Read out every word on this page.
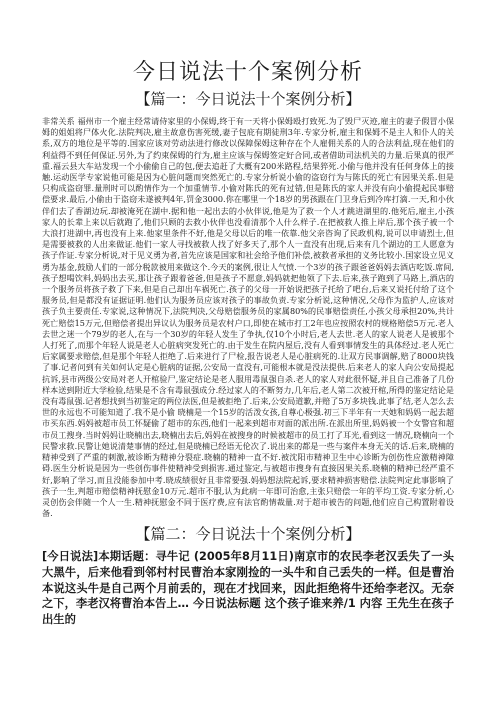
今日说法十个案例分析
【篇一：今日说法十个案例分析】

非常关系 福州市一个雇主经常请侍家里的小保姆,终于有一天将小保姆殴打致死.为了毁尸灭迹,雇主的妻子假冒小保姆的姐姐将尸体火化.法院判决,雇主故意伤害死缓,妻子包庇有期徒刑3年.专家分析,雇主和保姆不是主人和仆人的关系,双方的地位是平等的.国家应该对劳动法进行修改以保障保姆这种存在个人雇佣关系的人的合法利益,现在他们的利益得不到任何保证.另外,为了约束保姆的行为,雇主应该与保姆签定好合同,或者借助司法机关的力量.后果真的很严重.福云县大车站发现一个小偷偷自己的包,便去追赶了大概有200米路程,结果猝死.小偷与他并没有任何身体上的接触.运动医学专家说他可能是因为心脏问题而突然死亡的.专家分析说小偷的盗窃行为与陈氏的死亡有因果关系.但是只构成盗窃罪.量刑时可以酌情作为一个加重情节.小偷对陈氏的死有过错,但是陈氏的家人并没有向小偷提起民事赔偿要求.最后,小偷由于盗窃未遂被判4年,罚金3000.你在哪里一个18岁的男孩跟在门卫身后到冷库打滴.一天,和小伙伴们去了香湖边玩.却被淹死在湖中.据和他一起出去的小伙伴说,他是为了救一个人才跳进湖里的.他死后,雇主,小孩家人的长辈上来以后就跑了,他们只顾的去救小伙伴也没看清那个人什么样子.在把被救人推上岸后,那个孩子被一个大浪打进湖中,再也没有上来.他家里条件不好,他是父母以后的唯一依靠.他父亲咨询了民政机构,说可以申请烈士,但是需要被救的人出来做证.他们一家人寻找被救人找了好多天了,那个人一直没有出现,后来有几个湖边的工人愿意为孩子作证.专家分析说,对于见义勇为者,首先应该是国家和社会给予他们补偿,被救者承担的义务比较小.国家设立见义勇为基金,鼓励人们的一部分税款被用来做这个.今天的案例,很让人气愤.一个3岁的孩子跟爸爸妈妈去酒店吃饭.席间,孩子想喝饮料,妈妈出去买,那让孩子跟着爸爸,但是孩子不愿意,妈妈就把他领了下去.后来,孩子跑到了马路上,酒店的一个服务员将孩子救了下来,但是自己却出车祸死亡.孩子的父母一开始说把孩子托给了吧台,后来又说托付给了这个服务员,但是都没有证据证明.他们认为服务员应该对孩子的事故负责.专家分析说,这种情况,父母作为监护人,应该对孩子负主要责任.专家说,这种情况下,法院判决,父母赔偿服务员的家属80%的民事赔偿责任,小孩父母承担20%,共计死亡赔偿15万元,但赔偿者提出异议认为服务员是农村户口,即使在城市打工2年也应按照农村的规格赔偿5万元.老人去世之迷一个79岁的老人,在与一个30岁的年轻人发生了争执,仅10个小时后,老人去世.老人的家人说老人是被那个人打死了,而那个年轻人说是老人心脏病突发死亡的.由于发生在院内屋后,没有人看到事情发生的具体经过.老人死亡后家属要求赔偿,但是那个年轻人拒绝了.后来进行了尸检,报告说老人是心脏病死的.让双方民事调解,赔了8000块钱了事.记者问到有关如何认定是心脏病的证据,公安局一直没有,可能根本就是没法提供.后来老人的家人向公安局提起抗诉,县市两级公安局对老人开棺验尸,鉴定结论是老人服用毒鼠强自杀.老人的家人对此很怀疑,并且自己准备了几份样本送到附近大学检验,结果是不含有毒鼠强成分.经过家人的不断努力,几年后,老人第二次被开棺,所得的鉴定结论是没有毒鼠强.记者想找到当初鉴定的两位法医,但是被拒绝了.后来,公安局道歉,并赔了5万多块钱.此事了结,老人怎么去世的永远也不可能知道了.我不是小偷 晓楠是一个15岁的活泼女孩,自尊心极强.初三下半年有一天她和妈妈一起去超市买东西.妈妈被超市员工怀疑偷了超市的东西,他们一起来到超市对面的派出所.在派出所里,妈妈被一个女警官和超市员工搜身.当时妈妈让晓楠出去,晓楠出去后,妈妈在被搜身的时候被超市的员工打了耳光,看到这一情况,晓楠向一个民警求救.民警让她说清楚事情的经过,但是晓楠已经语无伦次了.说出来的都是一些与案件本身无关的话.后来,晓楠的精神受到了严重的刺激,被诊断为精神分裂症.晓楠的精神一直不好.被沈阳市精神卫生中心诊断为创伤性应激精神障碍.医生分析说是因为一些创伤事件使精神受到损害.通过鉴定,与被超市搜身有直接因果关系.晓楠的精神已经严重不好,影响了学习,而且没能参加中考.晓成绩很好且非常要强.妈妈想法院起诉,要求精神损害赔偿.法院判定此事影响了孩子一生,判超市赔偿精神抚慰金10万元.超市不服,认为此病一年即可治愈,主张只赔偿一年的平均工资.专家分析,心灵创伤会伴随一个人一生.精神抚慰金不同于医疗费,应有法官酌情裁量.对于超市被告的问题,他们应自己构置附着设备.

【篇二：今日说法十个案例分析】

[今日说法]本期话题：寻牛记 (2005年8月11日)南京市的农民李老汉丢失了一头大黑牛，后来他看到邻村村民曹治本家刚捡的一头牛和自己丢失的一样。但是曹治本说这头牛是自己两个月前丢的，现在才找回来，因此拒绝将牛还给李老汉。无奈之下，李老汉将曹治本告上… 今日说法标题 这个孩子谁来养/1 内容 王先生在孩子出生的
